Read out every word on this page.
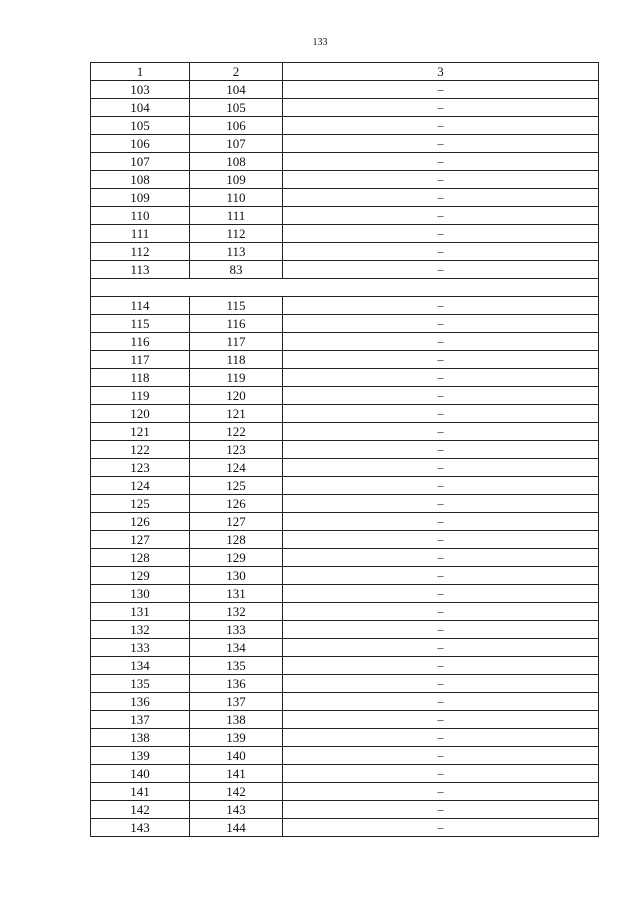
133
1	2	3
103	104	–
104	105	–
105	106	–
106	107	–
107	108	–
108	109	–
109	110	–
110	111	–
111	112	–
112	113	–
113	83	–

114	115	–
115	116	–
116	117	–
117	118	–
118	119	–
119	120	–
120	121	–
121	122	–
122	123	–
123	124	–
124	125	–
125	126	–
126	127	–
127	128	–
128	129	–
129	130	–
130	131	–
131	132	–
132	133	–
133	134	–
134	135	–
135	136	–
136	137	–
137	138	–
138	139	–
139	140	–
140	141	–
141	142	–
142	143	–
143	144	–
